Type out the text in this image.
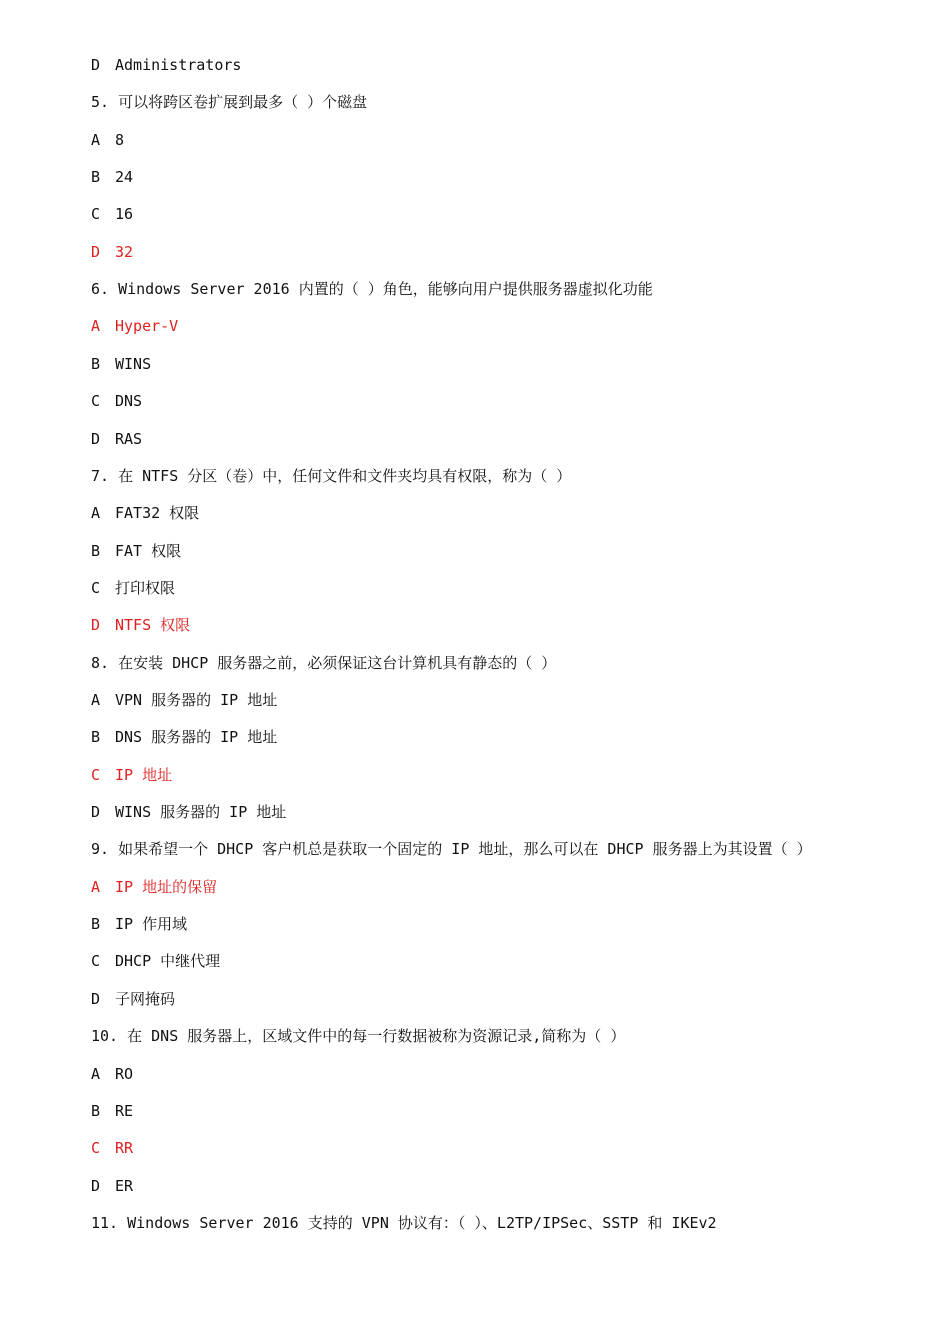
D Administrators
5. 可以将跨区卷扩展到最多（ ）个磁盘
A 8
B 24
C 16
D 32
6. Windows Server 2016 内置的（ ）角色，能够向用户提供服务器虚拟化功能
A Hyper-V
B WINS
C DNS
D RAS
7. 在 NTFS 分区（卷）中，任何文件和文件夹均具有权限，称为（ ）
A FAT32 权限
B FAT 权限
C 打印权限
D NTFS 权限
8. 在安装 DHCP 服务器之前，必须保证这台计算机具有静态的（ ）
A VPN 服务器的 IP 地址
B DNS 服务器的 IP 地址
C IP 地址
D WINS 服务器的 IP 地址
9. 如果希望一个 DHCP 客户机总是获取一个固定的 IP 地址，那么可以在 DHCP 服务器上为其设置（ ）
A IP 地址的保留
B IP 作用域
C DHCP 中继代理
D 子网掩码
10. 在 DNS 服务器上，区域文件中的每一行数据被称为资源记录,简称为（ ）
A RO
B RE
C RR
D ER
11. Windows Server 2016 支持的 VPN 协议有：（ ）、L2TP/IPSec、SSTP 和 IKEv2
